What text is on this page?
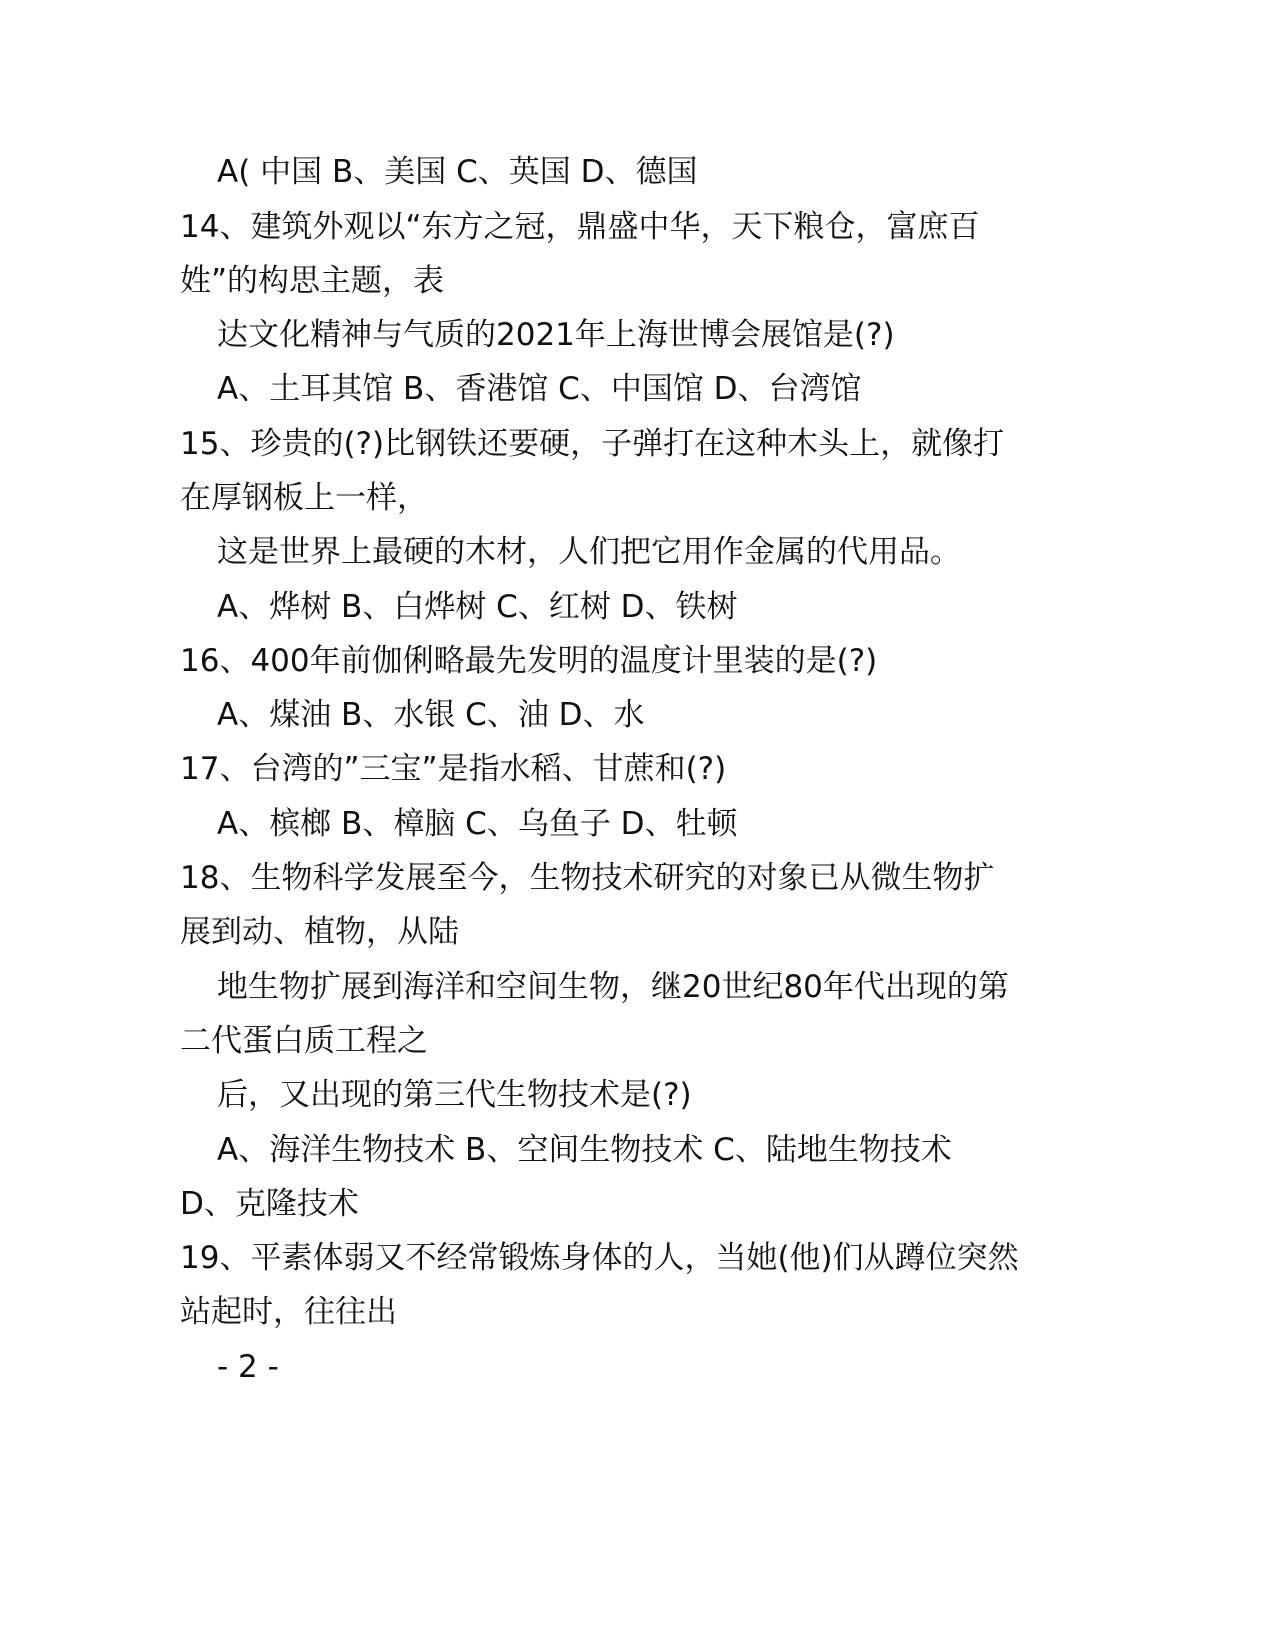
A( 中国 B、美国 C、英国 D、德国
14、建筑外观以“东方之冠，鼎盛中华，天下粮仓，富庶百
姓”的构思主题，表
达文化精神与气质的2021年上海世博会展馆是(?)
A、土耳其馆 B、香港馆 C、中国馆 D、台湾馆
15、珍贵的(?)比钢铁还要硬，子弹打在这种木头上，就像打
在厚钢板上一样，
这是世界上最硬的木材，人们把它用作金属的代用品。
A、烨树 B、白烨树 C、红树 D、铁树
16、400年前伽俐略最先发明的温度计里装的是(?)
A、煤油 B、水银 C、油 D、水
17、台湾的”三宝”是指水稻、甘蔗和(?)
A、槟榔 B、樟脑 C、乌鱼子 D、牡顿
18、生物科学发展至今，生物技术研究的对象已从微生物扩
展到动、植物，从陆
地生物扩展到海洋和空间生物，继20世纪80年代出现的第
二代蛋白质工程之
后，又出现的第三代生物技术是(?)
A、海洋生物技术 B、空间生物技术 C、陆地生物技术
D、克隆技术
19、平素体弱又不经常锻炼身体的人，当她(他)们从蹲位突然
站起时，往往出
- 2 -
